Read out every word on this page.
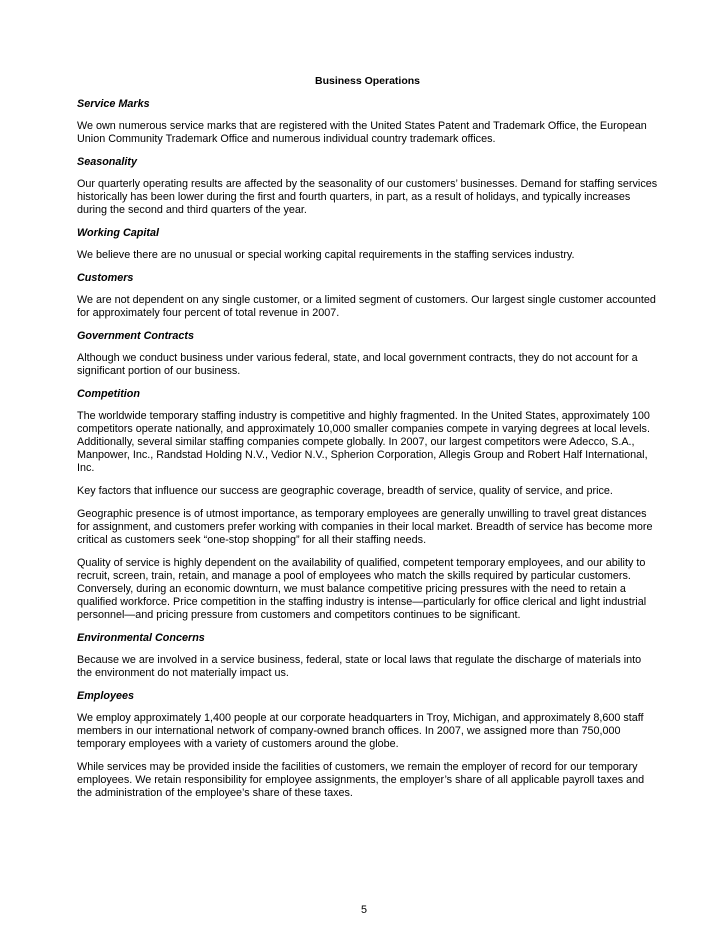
Business Operations
Service Marks
We own numerous service marks that are registered with the United States Patent and Trademark Office, the European Union Community Trademark Office and numerous individual country trademark offices.
Seasonality
Our quarterly operating results are affected by the seasonality of our customers’ businesses. Demand for staffing services historically has been lower during the first and fourth quarters, in part, as a result of holidays, and typically increases during the second and third quarters of the year.
Working Capital
We believe there are no unusual or special working capital requirements in the staffing services industry.
Customers
We are not dependent on any single customer, or a limited segment of customers. Our largest single customer accounted for approximately four percent of total revenue in 2007.
Government Contracts
Although we conduct business under various federal, state, and local government contracts, they do not account for a significant portion of our business.
Competition
The worldwide temporary staffing industry is competitive and highly fragmented. In the United States, approximately 100 competitors operate nationally, and approximately 10,000 smaller companies compete in varying degrees at local levels. Additionally, several similar staffing companies compete globally. In 2007, our largest competitors were Adecco, S.A., Manpower, Inc., Randstad Holding N.V., Vedior N.V., Spherion Corporation, Allegis Group and Robert Half International, Inc.
Key factors that influence our success are geographic coverage, breadth of service, quality of service, and price.
Geographic presence is of utmost importance, as temporary employees are generally unwilling to travel great distances for assignment, and customers prefer working with companies in their local market. Breadth of service has become more critical as customers seek “one-stop shopping” for all their staffing needs.
Quality of service is highly dependent on the availability of qualified, competent temporary employees, and our ability to recruit, screen, train, retain, and manage a pool of employees who match the skills required by particular customers. Conversely, during an economic downturn, we must balance competitive pricing pressures with the need to retain a qualified workforce. Price competition in the staffing industry is intense—particularly for office clerical and light industrial personnel—and pricing pressure from customers and competitors continues to be significant.
Environmental Concerns
Because we are involved in a service business, federal, state or local laws that regulate the discharge of materials into the environment do not materially impact us.
Employees
We employ approximately 1,400 people at our corporate headquarters in Troy, Michigan, and approximately 8,600 staff members in our international network of company-owned branch offices. In 2007, we assigned more than 750,000 temporary employees with a variety of customers around the globe.
While services may be provided inside the facilities of customers, we remain the employer of record for our temporary employees. We retain responsibility for employee assignments, the employer’s share of all applicable payroll taxes and the administration of the employee’s share of these taxes.
5
